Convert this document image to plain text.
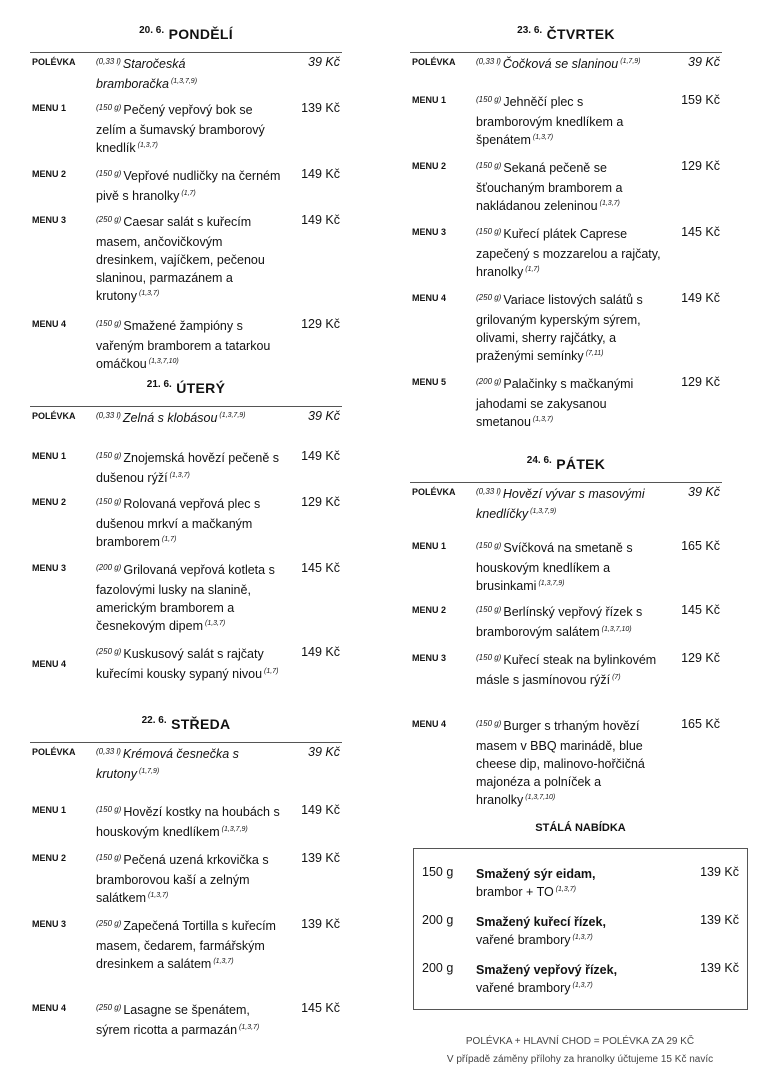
$^{20. 6.}$ PONDĚLÍ
POLÉVKA	$^{(0,33 l)}$ Staročeská bramboračka $^{(1,3,7,9)}$
39 Kč
MENU 1	$^{(150 g)}$ Pečený vepřový bok se zelím a šumavský bramborový knedlík $^{(1,3,7)}$
139 Kč
MENU 2	$^{(150 g)}$ Vepřové nudličky na černém pivě s hranolky $^{(1,7)}$
149 Kč
MENU 3	$^{(250 g)}$ Caesar salát s kuřecím masem, ančovičkovým dresinkem, vajíčkem, pečenou slaninou, parmazánem a krutony $^{(1,3,7)}$
149 Kč
MENU 4	$^{(150 g)}$ Smažené žampióny s vařeným bramborem a tatarkou omáčkou $^{(1,3,7,10)}$
129 Kč
$^{21. 6.}$ ÚTERÝ
POLÉVKA	$^{(0,33 l)}$ Zelná s klobásou $^{(1,3,7,9)}$	39 Kč
MENU 1	$^{(150 g)}$ Znojemská hovězí pečeně s dušenou rýží $^{(1,3,7)}$
149 Kč
MENU 2	$^{(150 g)}$ Rolovaná vepřová plec s dušenou mrkví a mačkaným bramborem $^{(1,7)}$
129 Kč
MENU 3	$^{(200 g)}$ Grilovaná vepřová kotleta s fazolovými lusky na slanině, americkým bramborem a česnekovým dipem $^{(1,3,7)}$
145 Kč
MENU 4
$^{(250 g)}$ Kuskusový salát s rajčaty kuřecími kousky sypaný nivou $^{(1,7)}$
149 Kč
$^{22. 6.}$ STŘEDA
POLÉVKA	$^{(0,33 l)}$ Krémová česnečka s krutony $^{(1,7,9)}$
39 Kč
MENU 1	$^{(150 g)}$ Hovězí kostky na houbách s houskovým knedlíkem $^{(1,3,7,9)}$
149 Kč
MENU 2	$^{(150 g)}$ Pečená uzená krkovička s bramborovou kaší a zelným salátkem $^{(1,3,7)}$
139 Kč
MENU 3	$^{(250 g)}$ Zapečená Tortilla s kuřecím masem, čedarem, farmářským dresinkem a salátem $^{(1,3,7)}$
139 Kč
MENU 4	$^{(250 g)}$ Lasagne se špenátem, sýrem ricotta a parmazán $^{(1,3,7)}$
145 Kč
$^{23. 6.}$ ČTVRTEK
POLÉVKA	$^{(0,33 l)}$ Čočková se slaninou $^{(1,7,9)}$	39 Kč
MENU 1	$^{(150 g)}$ Jehněčí plec s bramborovým knedlíkem a špenátem $^{(1,3,7)}$
159 Kč
MENU 2	$^{(150 g)}$ Sekaná pečeně se šťouchaným bramborem a nakládanou zeleninou $^{(1,3,7)}$
129 Kč
MENU 3	$^{(150 g)}$ Kuřecí plátek Caprese zapečený s mozzarelou a rajčaty, hranolky $^{(1,7)}$
145 Kč
MENU 4	$^{(250 g)}$ Variace listových salátů s grilovaným kyperským sýrem, olivami, sherry rajčátky, a praženými semínky $^{(7,11)}$
149 Kč
MENU 5	$^{(200 g)}$ Palačinky s mačkanými jahodami se zakysanou smetanou $^{(1,3,7)}$
129 Kč
$^{24. 6.}$ PÁTEK
POLÉVKA	$^{(0,33 l)}$ Hovězí vývar s masovými knedlíčky $^{(1,3,7,9)}$
39 Kč
MENU 1	$^{(150 g)}$ Svíčková na smetaně s houskovým knedlíkem a brusinkami $^{(1,3,7,9)}$
165 Kč
MENU 2	$^{(150 g)}$ Berlínský vepřový řízek s bramborovým salátem $^{(1,3,7,10)}$
145 Kč
MENU 3	$^{(150 g)}$ Kuřecí steak na bylinkovém másle s jasmínovou rýží $^{(7)}$
129 Kč
MENU 4	$^{(150 g)}$ Burger s trhaným hovězí masem v BBQ marinádě, blue cheese dip, malinovo-hořčičná majonéza a polníček a hranolky $^{(1,3,7,10)}$
165 Kč
STÁLÁ NABÍDKA
150 g Smažený sýr eidam,
brambor + TO $^{(1,3,7)}$
139 Kč
200 g Smažený kuřecí řízek,
vařené brambory $^{(1,3,7)}$
139 Kč
200 g Smažený vepřový řízek,
vařené brambory $^{(1,3,7)}$
139 Kč
POLÉVKA + HLAVNÍ CHOD = POLÉVKA ZA 29 KČ
V případě záměny přílohy za hranolky účtujeme 15 Kč navíc
